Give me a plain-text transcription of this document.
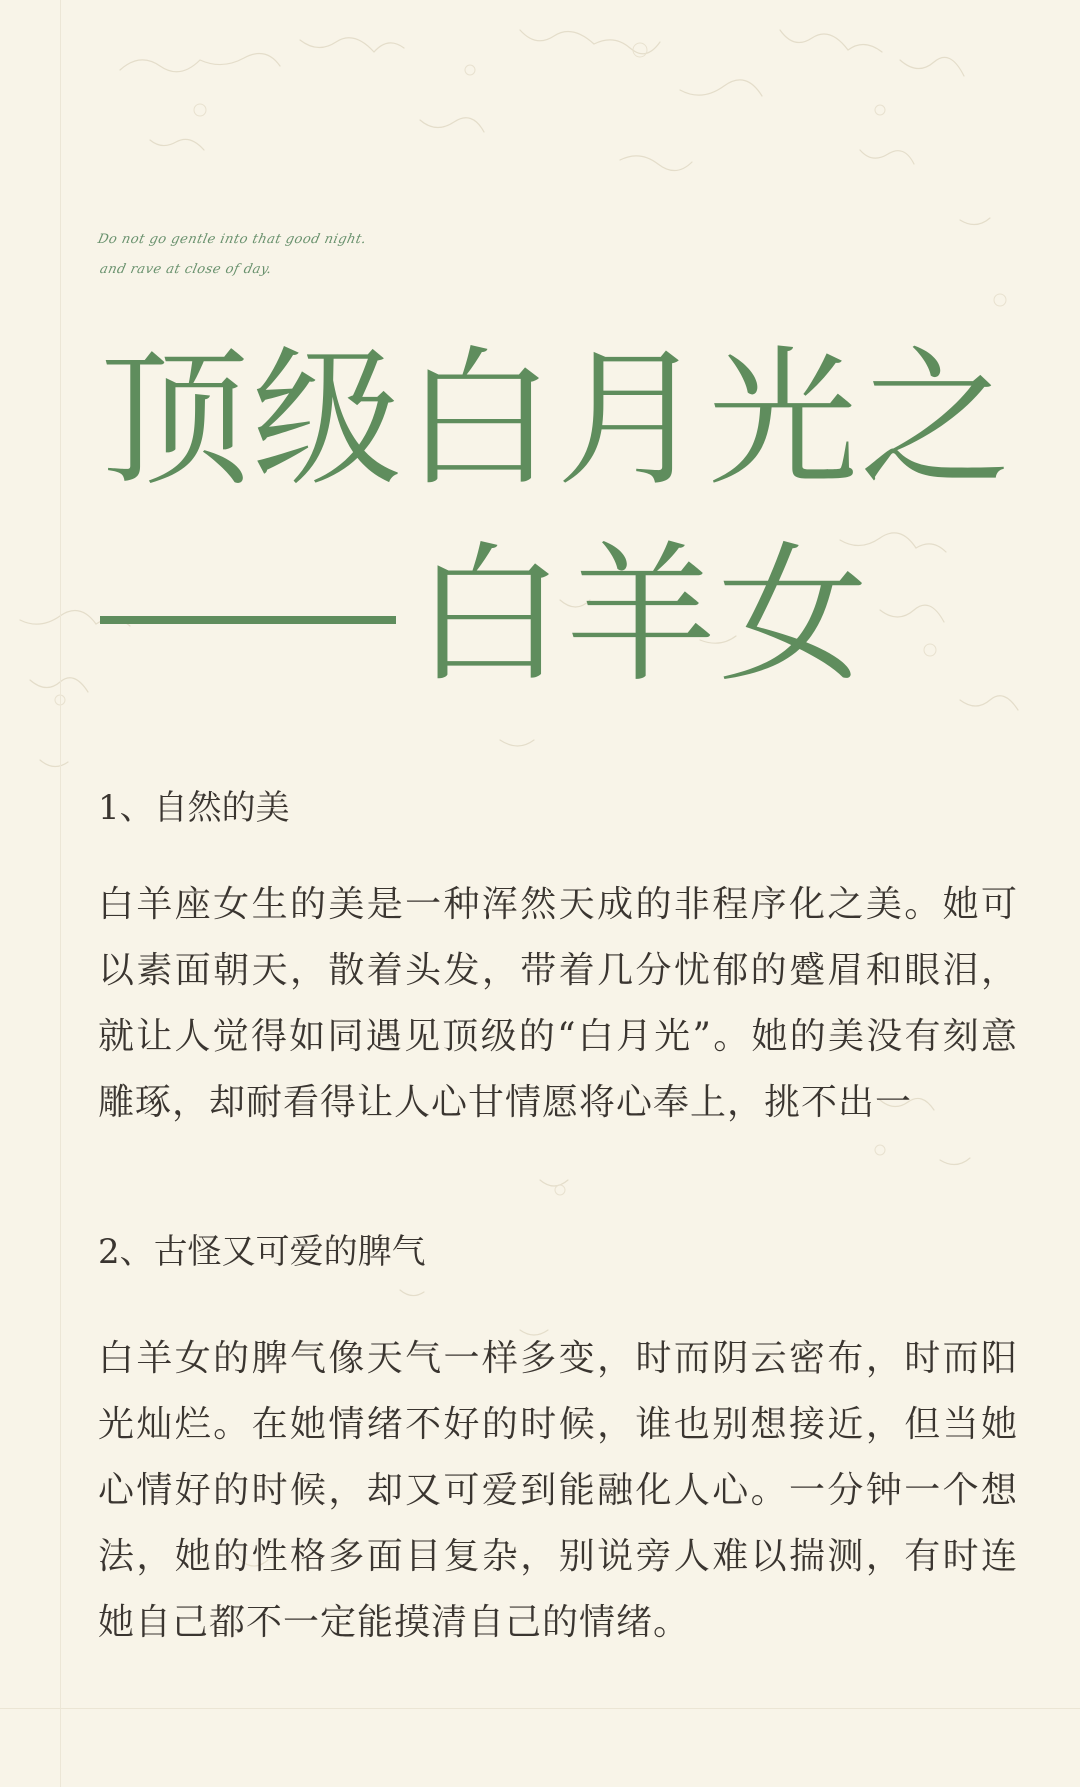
Do not go gentle into that good night.
and rave at close of day.
顶级白月光之
白羊女
1、自然的美

白羊座女生的美是一种浑然天成的非程序化之美。她可以素面朝天，散着头发，带着几分忧郁的蹙眉和眼泪，就让人觉得如同遇见顶级的“白月光”。她的美没有刻意雕琢，却耐看得让人心甘情愿将心奉上，挑不出一

2、古怪又可爱的脾气

白羊女的脾气像天气一样多变，时而阴云密布，时而阳光灿烂。在她情绪不好的时候，谁也别想接近，但当她心情好的时候，却又可爱到能融化人心。一分钟一个想法，她的性格多面目复杂，别说旁人难以揣测，有时连她自己都不一定能摸清自己的情绪。
